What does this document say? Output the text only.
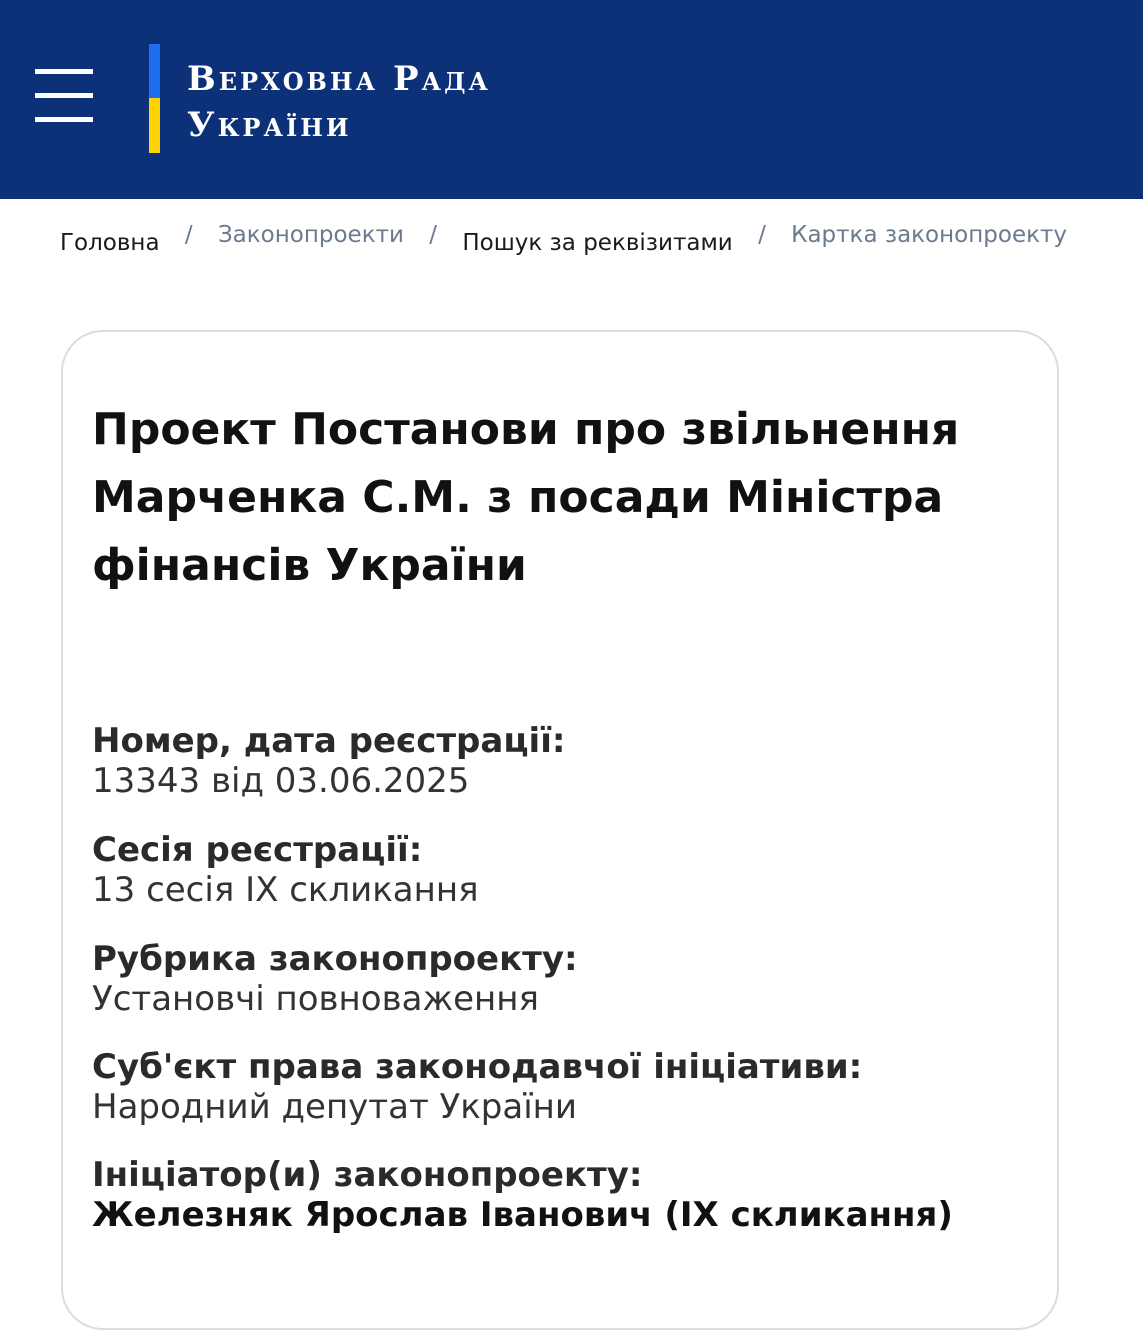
Верховна Рада
України
Головна / Законопроекти / Пошук за реквізитами / Картка законопроекту
Проект Постанови про звільнення Марченка С.М. з посади Міністра фінансів України
Номер, дата реєстрації:
13343 від 03.06.2025
Сесія реєстрації:
13 сесія IX скликання
Рубрика законопроекту:
Установчі повноваження
Суб'єкт права законодавчої ініціативи:
Народний депутат України
Ініціатор(и) законопроекту:
Железняк Ярослав Іванович (IX скликання)
